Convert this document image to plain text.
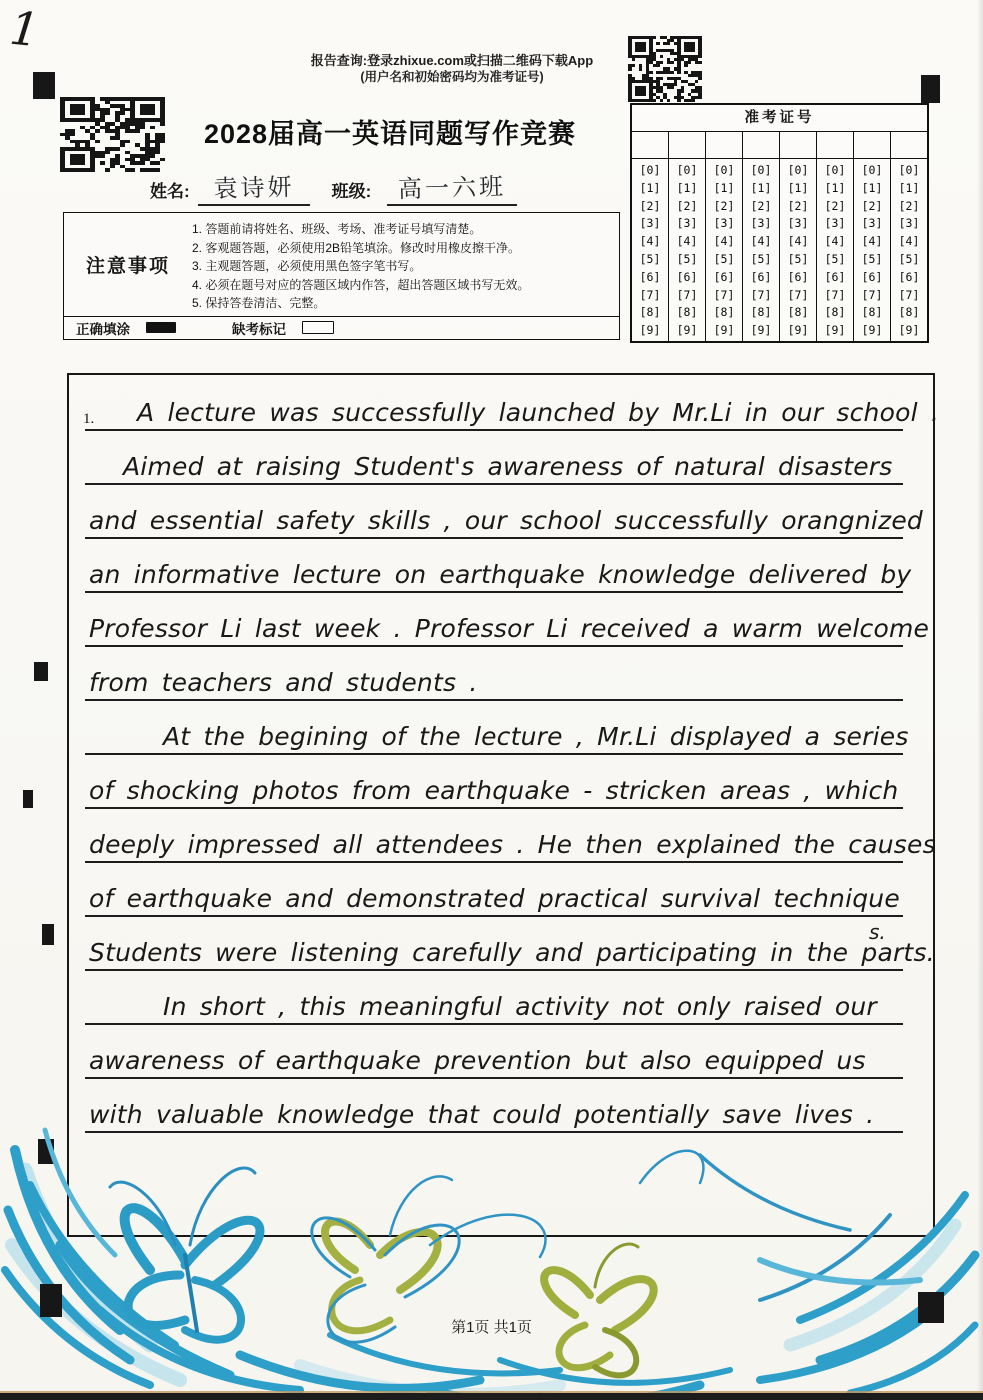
1
报告查询:登录zhixue.com或扫描二维码下载App
(用户名和初始密码均为准考证号)
2028届高一英语同题写作竞赛
姓名: 袁诗妍	班级: 高一六班
注意事项
1. 答题前请将姓名、班级、考场、准考证号填写清楚。
2. 客观题答题，必须使用2B铅笔填涂。修改时用橡皮擦干净。
3. 主观题答题，必须使用黑色签字笔书写。
4. 必须在题号对应的答题区域内作答，超出答题区域书写无效。
5. 保持答卷清洁、完整。
正确填涂	缺考标记
准考证号
[0]
[1]
[2]
[3]
[4]
[5]
[6]
[7]
[8]
[9]
[0]
[1]
[2]
[3]
[4]
[5]
[6]
[7]
[8]
[9]
[0]
[1]
[2]
[3]
[4]
[5]
[6]
[7]
[8]
[9]
[0]
[1]
[2]
[3]
[4]
[5]
[6]
[7]
[8]
[9]
[0]
[1]
[2]
[3]
[4]
[5]
[6]
[7]
[8]
[9]
[0]
[1]
[2]
[3]
[4]
[5]
[6]
[7]
[8]
[9]
[0]
[1]
[2]
[3]
[4]
[5]
[6]
[7]
[8]
[9]
[0]
[1]
[2]
[3]
[4]
[5]
[6]
[7]
[8]
[9]
1. A lecture was successfully launched by Mr.Li in our school .
Aimed at raising Student's awareness of natural disasters
and essential safety skills , our school successfully orangnized
an informative lecture on earthquake knowledge delivered by
Professor Li last week . Professor Li received a warm welcome
from teachers and students .
At the begining of the lecture , Mr.Li displayed a series
of shocking photos from earthquake - stricken areas , which
deeply impressed all attendees . He then explained the causes
of earthquake and demonstrated practical survival technique
Students were listening carefully and participating in the parts.
In short , this meaningful activity not only raised our
awareness of earthquake prevention but also equipped us
with valuable knowledge that could potentially save lives .
s.
第1页 共1页
